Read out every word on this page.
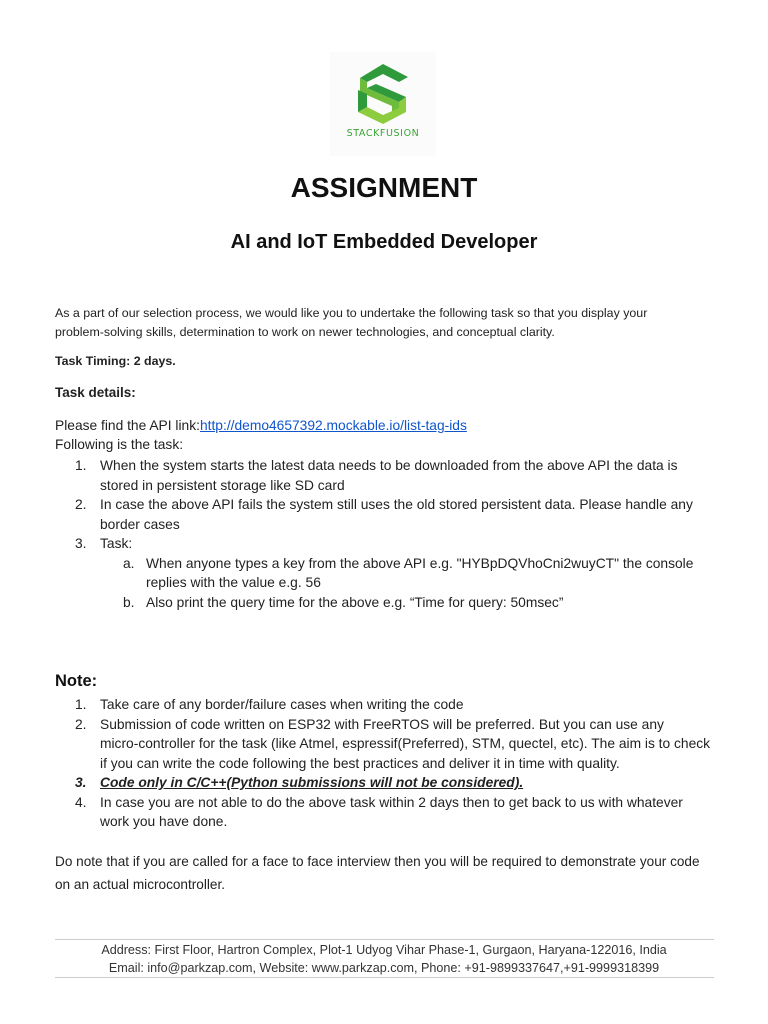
STACKFUSION
ASSIGNMENT
AI and IoT Embedded Developer
As a part of our selection process, we would like you to undertake the following task so that you display your
problem-solving skills, determination to work on newer technologies, and conceptual clarity.
Task Timing: 2 days.
Task details:
Please find the API link:http://demo4657392.mockable.io/list-tag-ids
Following is the task:
1. When the system starts the latest data needs to be downloaded from the above API the data is
stored in persistent storage like SD card
2. In case the above API fails the system still uses the old stored persistent data. Please handle any
border cases
3. Task:
a. When anyone types a key from the above API e.g. "HYBpDQVhoCni2wuyCT" the console
replies with the value e.g. 56
b. Also print the query time for the above e.g. “Time for query: 50msec”
Note:
1. Take care of any border/failure cases when writing the code
2. Submission of code written on ESP32 with FreeRTOS will be preferred. But you can use any
micro-controller for the task (like Atmel, espressif(Preferred), STM, quectel, etc). The aim is to check
if you can write the code following the best practices and deliver it in time with quality.
3. Code only in C/C++(Python submissions will not be considered).
4. In case you are not able to do the above task within 2 days then to get back to us with whatever
work you have done.
Do note that if you are called for a face to face interview then you will be required to demonstrate your code
on an actual microcontroller.
Address: First Floor, Hartron Complex, Plot-1 Udyog Vihar Phase-1, Gurgaon, Haryana-122016, India
Email: info@parkzap.com, Website: www.parkzap.com, Phone: +91-9899337647,+91-9999318399
